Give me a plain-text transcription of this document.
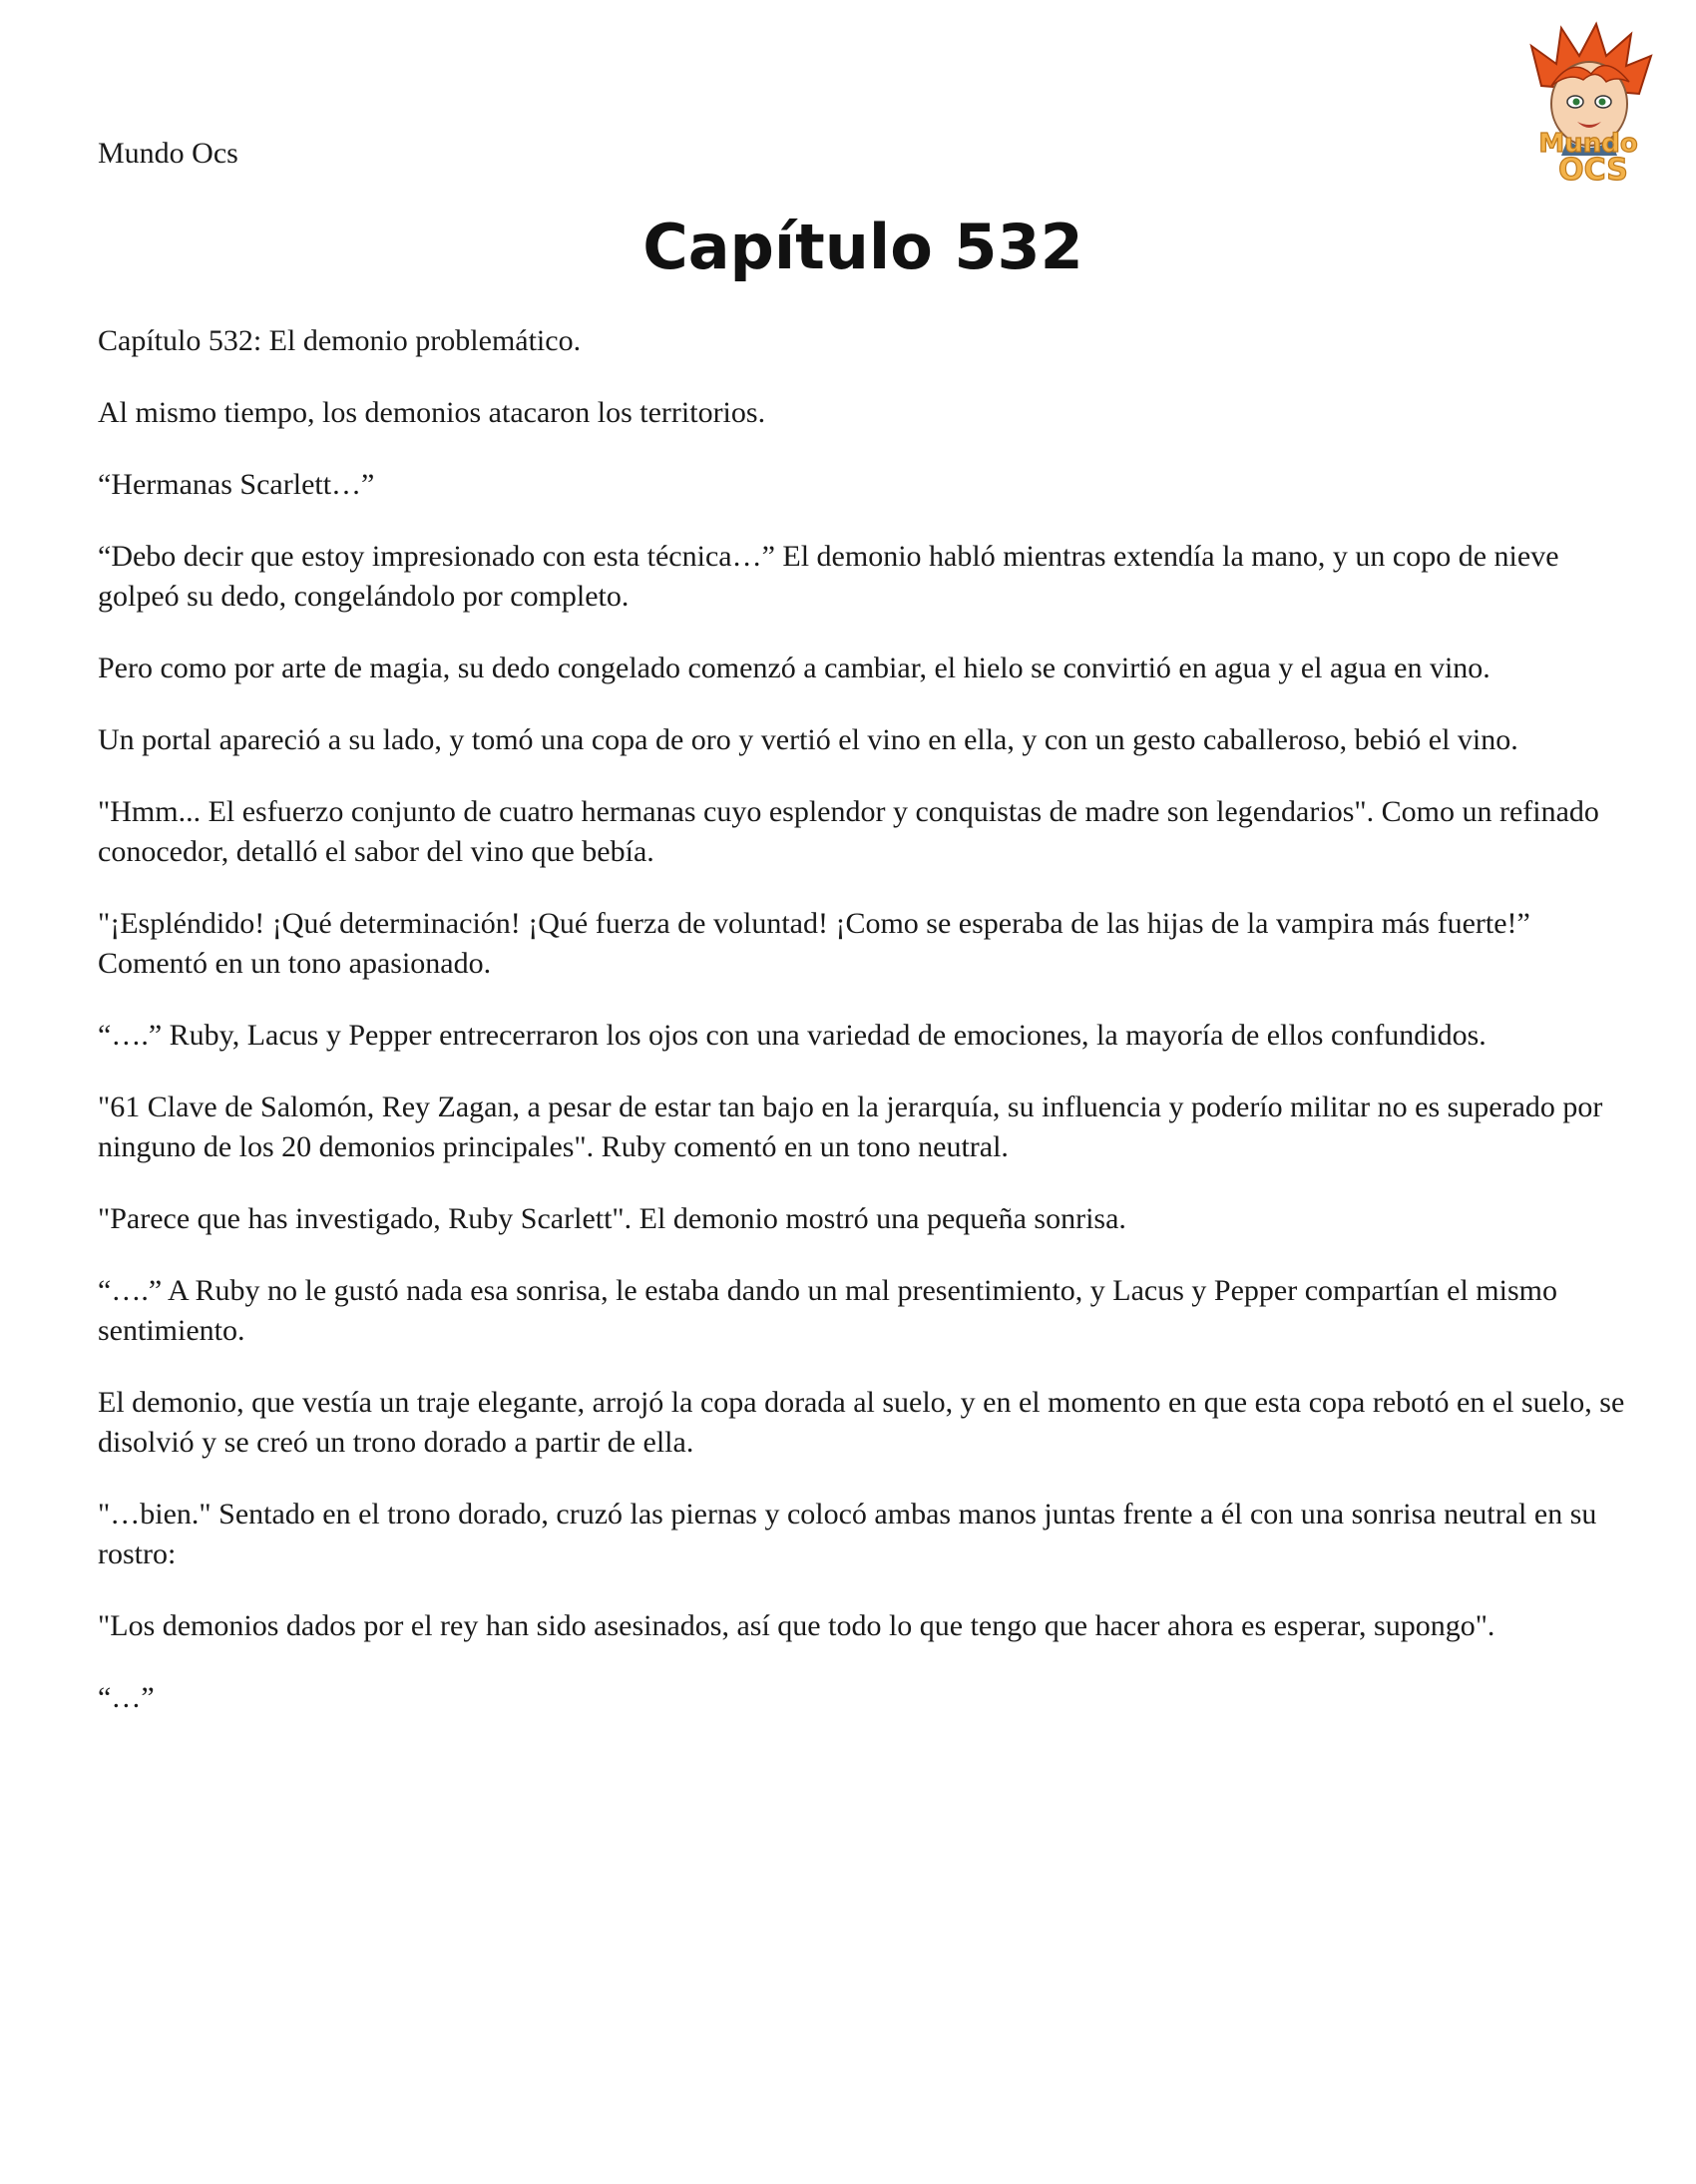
Mundo Ocs	Mundo
OCS
Capítulo 532

Capítulo 532: El demonio problemático.

Al mismo tiempo, los demonios atacaron los territorios.

“Hermanas Scarlett…”

“Debo decir que estoy impresionado con esta técnica…” El demonio habló mientras extendía la mano, y un copo de nieve golpeó su dedo, congelándolo por completo.

Pero como por arte de magia, su dedo congelado comenzó a cambiar, el hielo se convirtió en agua y el agua en vino.

Un portal apareció a su lado, y tomó una copa de oro y vertió el vino en ella, y con un gesto caballeroso, bebió el vino.

"Hmm... El esfuerzo conjunto de cuatro hermanas cuyo esplendor y conquistas de madre son legendarios". Como un refinado conocedor, detalló el sabor del vino que bebía.

"¡Espléndido! ¡Qué determinación! ¡Qué fuerza de voluntad! ¡Como se esperaba de las hijas de la vampira más fuerte!” Comentó en un tono apasionado.

“….” Ruby, Lacus y Pepper entrecerraron los ojos con una variedad de emociones, la mayoría de ellos confundidos.

"61 Clave de Salomón, Rey Zagan, a pesar de estar tan bajo en la jerarquía, su influencia y poderío militar no es superado por ninguno de los 20 demonios principales". Ruby comentó en un tono neutral.

"Parece que has investigado, Ruby Scarlett". El demonio mostró una pequeña sonrisa.

“….” A Ruby no le gustó nada esa sonrisa, le estaba dando un mal presentimiento, y Lacus y Pepper compartían el mismo sentimiento.

El demonio, que vestía un traje elegante, arrojó la copa dorada al suelo, y en el momento en que esta copa rebotó en el suelo, se disolvió y se creó un trono dorado a partir de ella.

"…bien." Sentado en el trono dorado, cruzó las piernas y colocó ambas manos juntas frente a él con una sonrisa neutral en su rostro:

"Los demonios dados por el rey han sido asesinados, así que todo lo que tengo que hacer ahora es esperar, supongo".

“…”
